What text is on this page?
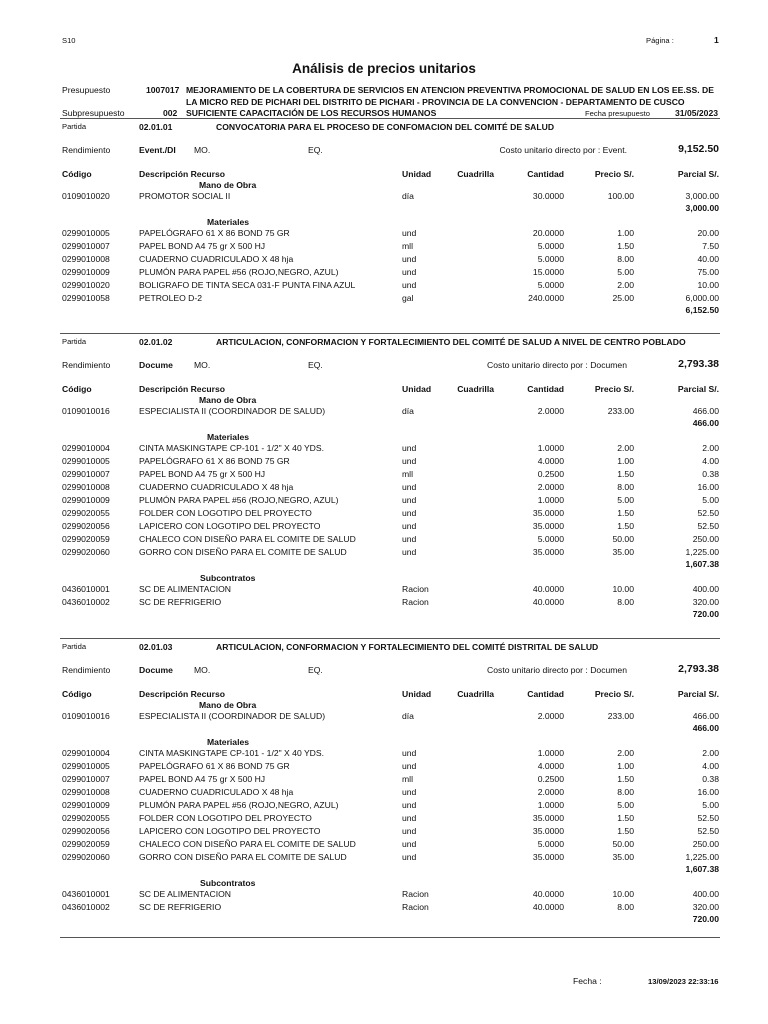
S10	Página :	1
Análisis de precios unitarios
Presupuesto	1007017 MEJORAMIENTO DE LA COBERTURA DE SERVICIOS EN ATENCION PREVENTIVA PROMOCIONAL DE SALUD EN LOS EE.SS. DE
LA MICRO RED DE PICHARI DEL DISTRITO DE PICHARI - PROVINCIA DE LA CONVENCION - DEPARTAMENTO DE CUSCO
Subpresupuesto	002 SUFICIENTE CAPACITACIÓN DE LOS RECURSOS HUMANOS	Fecha presupuesto	31/05/2023
Partida	02.01.01	CONVOCATORIA PARA EL PROCESO DE CONFOMACION DEL COMITÉ DE SALUD
Rendimiento	Event./DI MO.	EQ.	Costo unitario directo por : Event.	9,152.50
Código	Descripción Recurso	Unidad	Cuadrilla	Cantidad	Precio S/.	Parcial S/.
Mano de Obra
0109010020	PROMOTOR SOCIAL II	día	30.0000	100.00	3,000.00
3,000.00
Materiales
0299010005	PAPELÓGRAFO 61 X 86 BOND 75 GR	und	20.0000	1.00	20.00
0299010007	PAPEL BOND A4 75 gr X 500 HJ	mll	5.0000	1.50	7.50
0299010008	CUADERNO CUADRICULADO X 48 hja	und	5.0000	8.00	40.00
0299010009	PLUMÓN PARA PAPEL #56 (ROJO,NEGRO, AZUL)	und	15.0000	5.00	75.00
0299010020	BOLIGRAFO DE TINTA SECA 031-F PUNTA FINA AZUL	und	5.0000	2.00	10.00
0299010058	PETROLEO D-2	gal	240.0000	25.00	6,000.00
6,152.50
Partida	02.01.02	ARTICULACION, CONFORMACION Y FORTALECIMIENTO DEL COMITÉ DE SALUD A NIVEL DE CENTRO POBLADO
Rendimiento	Docume MO.	EQ.	Costo unitario directo por : Documen	2,793.38
Código	Descripción Recurso	Unidad	Cuadrilla	Cantidad	Precio S/.	Parcial S/.
Mano de Obra
0109010016	ESPECIALISTA II (COORDINADOR DE SALUD)	día	2.0000	233.00	466.00
466.00
Materiales
0299010004	CINTA MASKINGTAPE CP-101 - 1/2" X 40 YDS.	und	1.0000	2.00	2.00
0299010005	PAPELÓGRAFO 61 X 86 BOND 75 GR	und	4.0000	1.00	4.00
0299010007	PAPEL BOND A4 75 gr X 500 HJ	mll	0.2500	1.50	0.38
0299010008	CUADERNO CUADRICULADO X 48 hja	und	2.0000	8.00	16.00
0299010009	PLUMÓN PARA PAPEL #56 (ROJO,NEGRO, AZUL)	und	1.0000	5.00	5.00
0299020055	FOLDER CON LOGOTIPO DEL PROYECTO	und	35.0000	1.50	52.50
0299020056	LAPICERO CON LOGOTIPO DEL PROYECTO	und	35.0000	1.50	52.50
0299020059	CHALECO CON DISEÑO PARA EL COMITE DE SALUD	und	5.0000	50.00	250.00
0299020060	GORRO CON DISEÑO PARA EL COMITE DE SALUD	und	35.0000	35.00	1,225.00
1,607.38
Subcontratos
0436010001	SC DE ALIMENTACION	Racion	40.0000	10.00	400.00
0436010002	SC DE REFRIGERIO	Racion	40.0000	8.00	320.00
720.00
Partida	02.01.03	ARTICULACION, CONFORMACION Y FORTALECIMIENTO DEL COMITÉ DISTRITAL DE SALUD
Rendimiento	Docume MO.	EQ.	Costo unitario directo por : Documen	2,793.38
Código	Descripción Recurso	Unidad	Cuadrilla	Cantidad	Precio S/.	Parcial S/.
Mano de Obra
0109010016	ESPECIALISTA II (COORDINADOR DE SALUD)	día	2.0000	233.00	466.00
466.00
Materiales
0299010004	CINTA MASKINGTAPE CP-101 - 1/2" X 40 YDS.	und	1.0000	2.00	2.00
0299010005	PAPELÓGRAFO 61 X 86 BOND 75 GR	und	4.0000	1.00	4.00
0299010007	PAPEL BOND A4 75 gr X 500 HJ	mll	0.2500	1.50	0.38
0299010008	CUADERNO CUADRICULADO X 48 hja	und	2.0000	8.00	16.00
0299010009	PLUMÓN PARA PAPEL #56 (ROJO,NEGRO, AZUL)	und	1.0000	5.00	5.00
0299020055	FOLDER CON LOGOTIPO DEL PROYECTO	und	35.0000	1.50	52.50
0299020056	LAPICERO CON LOGOTIPO DEL PROYECTO	und	35.0000	1.50	52.50
0299020059	CHALECO CON DISEÑO PARA EL COMITE DE SALUD	und	5.0000	50.00	250.00
0299020060	GORRO CON DISEÑO PARA EL COMITE DE SALUD	und	35.0000	35.00	1,225.00
1,607.38
Subcontratos
0436010001	SC DE ALIMENTACION	Racion	40.0000	10.00	400.00
0436010002	SC DE REFRIGERIO	Racion	40.0000	8.00	320.00
720.00
Fecha :	13/09/2023 22:33:16
